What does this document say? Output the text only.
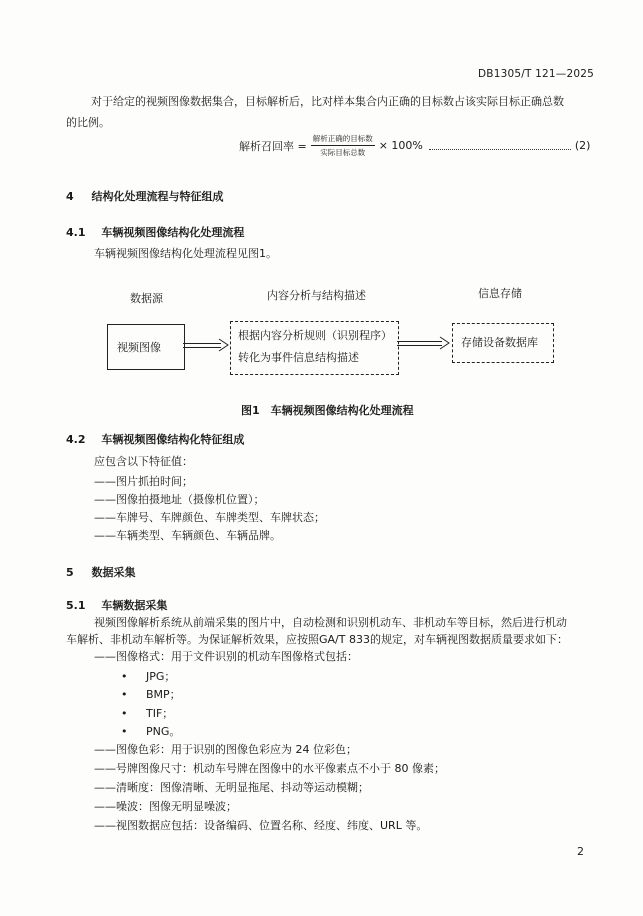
DB1305/T 121—2025
对于给定的视频图像数据集合，目标解析后，比对样本集合内正确的目标数占该实际目标正确总数
的比例。
解析召回率 = $\frac{\text{解析正确的目标数}}{\text{实际目标总数}} \times 100\%$	(2)
4 结构化处理流程与特征组成
4.1 车辆视频图像结构化处理流程
车辆视频图像结构化处理流程见图1。
数据源	内容分析与结构描述	信息存储
视频图像
根据内容分析规则（识别程序）
转化为事件信息结构描述
存储设备数据库
图1　车辆视频图像结构化处理流程
4.2 车辆视频图像结构化特征组成
应包含以下特征值：
——图片抓拍时间；
——图像拍摄地址（摄像机位置）；
——车牌号、车牌颜色、车牌类型、车牌状态；
——车辆类型、车辆颜色、车辆品牌。
5 数据采集
5.1 车辆数据采集
视频图像解析系统从前端采集的图片中，自动检测和识别机动车、非机动车等目标，然后进行机动
车解析、非机动车解析等。为保证解析效果，应按照GA/T 833的规定，对车辆视图数据质量要求如下：
——图像格式：用于文件识别的机动车图像格式包括：
• JPG；
• BMP；
• TIF；
• PNG。
——图像色彩：用于识别的图像色彩应为 24 位彩色；
——号牌图像尺寸：机动车号牌在图像中的水平像素点不小于 80 像素；
——清晰度：图像清晰、无明显拖尾、抖动等运动模糊；
——噪波：图像无明显噪波；
——视图数据应包括：设备编码、位置名称、经度、纬度、URL 等。
2
